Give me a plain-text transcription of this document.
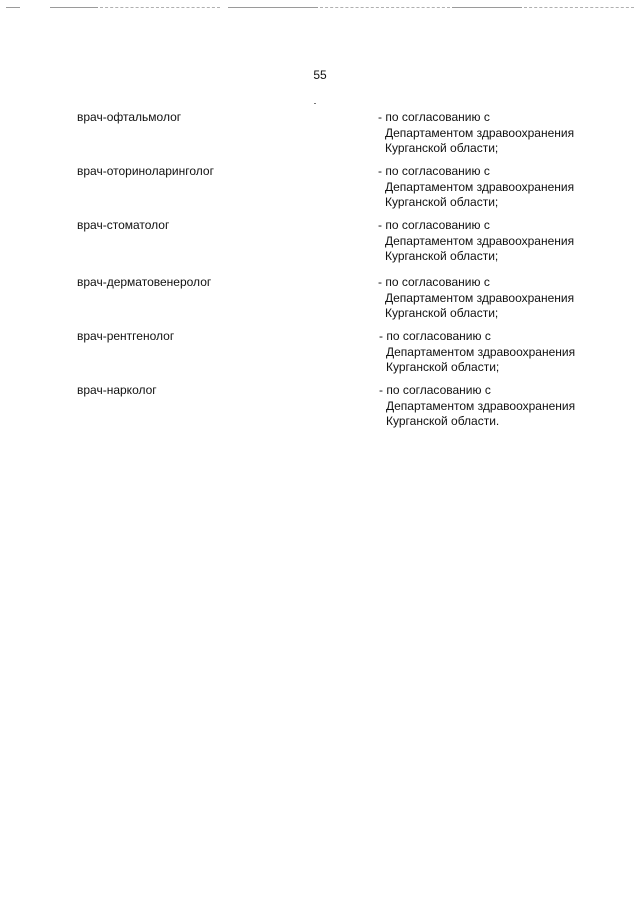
55
врач-офтальмолог	- по согласованию с
Департаментом здравоохранения
Курганской области;
врач-оториноларинголог	- по согласованию с
Департаментом здравоохранения
Курганской области;
врач-стоматолог	- по согласованию с
Департаментом здравоохранения
Курганской области;
врач-дерматовенеролог	- по согласованию с
Департаментом здравоохранения
Курганской области;
врач-рентгенолог	- по согласованию с
Департаментом здравоохранения
Курганской области;
врач-нарколог	- по согласованию с
Департаментом здравоохранения
Курганской области.
